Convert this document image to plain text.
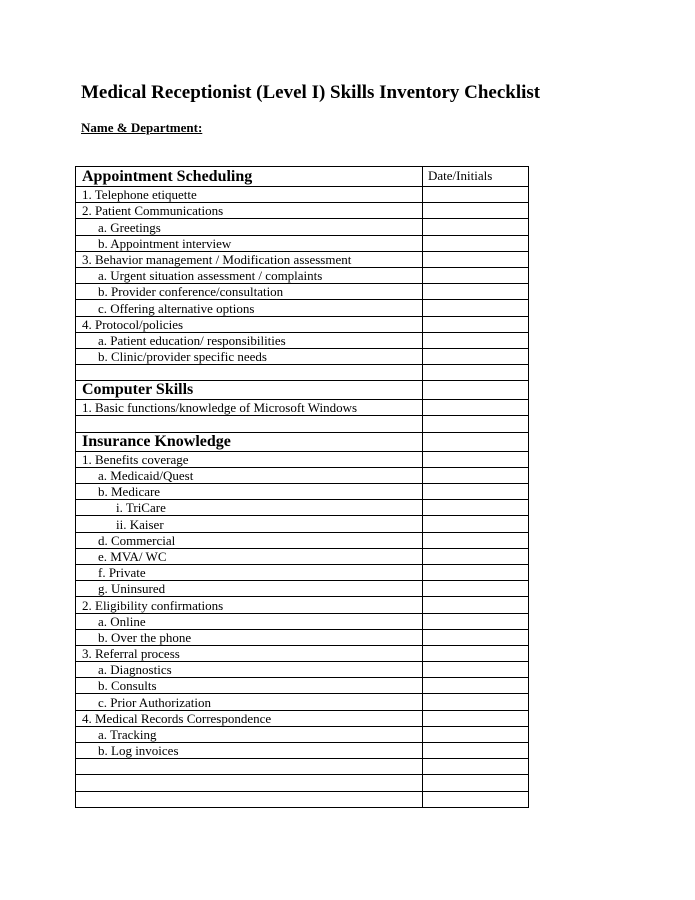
Medical Receptionist (Level I) Skills Inventory Checklist
Name & Department:
Appointment Scheduling	Date/Initials
1. Telephone etiquette	
2. Patient Communications	
a. Greetings	
b. Appointment interview	
3. Behavior management / Modification assessment	
a. Urgent situation assessment / complaints	
b. Provider conference/consultation	
c. Offering alternative options	
4. Protocol/policies	
a. Patient education/ responsibilities	
b. Clinic/provider specific needs	

Computer Skills	
1. Basic functions/knowledge of Microsoft Windows	

Insurance Knowledge	
1. Benefits coverage	
a. Medicaid/Quest	
b. Medicare	
i. TriCare	
ii. Kaiser	
d. Commercial	
e. MVA/ WC	
f. Private	
g. Uninsured	
2. Eligibility confirmations	
a. Online	
b. Over the phone	
3. Referral process	
a. Diagnostics	
b. Consults	
c. Prior Authorization	
4. Medical Records Correspondence	
a. Tracking	
b. Log invoices	
